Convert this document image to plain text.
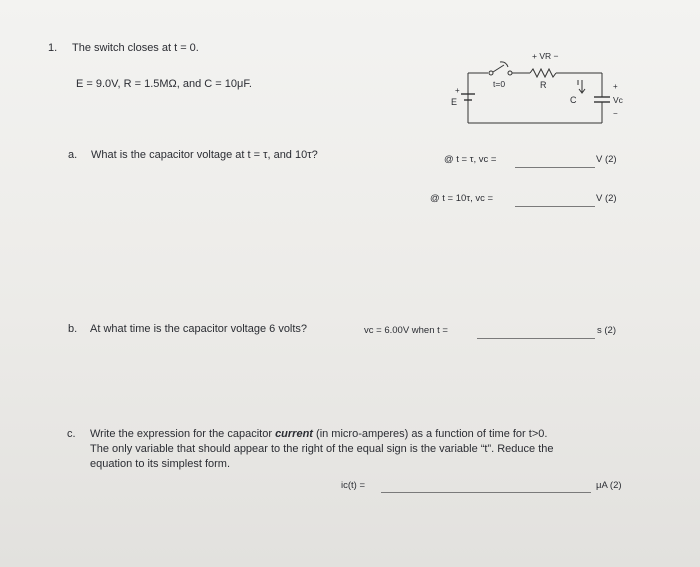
1. The switch closes at t = 0.
E = 9.0V, R = 1.5MΩ, and C = 10μF.
+ VR −
t=0	R
C
E
+	+
Vc
−
a. What is the capacitor voltage at t = τ, and 10τ?	@ t = τ, vc =	V (2)
@ t = 10τ, vc =	V (2)
b. At what time is the capacitor voltage 6 volts?	vc = 6.00V when t =	s (2)
c. Write the expression for the capacitor current (in micro-amperes) as a function of time for t>0.
The only variable that should appear to the right of the equal sign is the variable “t”. Reduce the
equation to its simplest form.
ic(t) =	μA (2)
